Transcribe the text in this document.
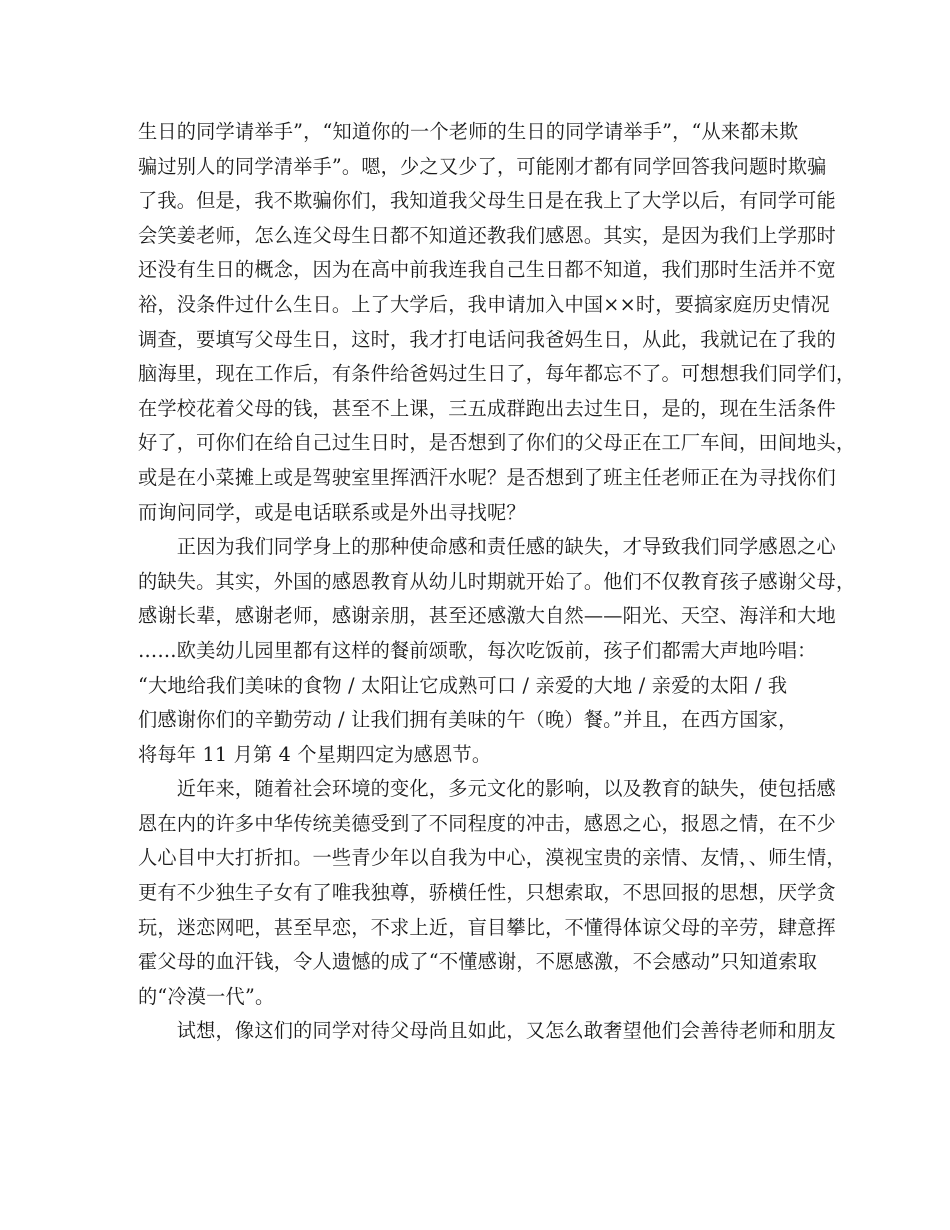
生日的同学请举手”，“知道你的一个老师的生日的同学请举手”，“从来都未欺
骗过别人的同学清举手”。嗯，少之又少了，可能刚才都有同学回答我问题时欺骗
了我。但是，我不欺骗你们，我知道我父母生日是在我上了大学以后，有同学可能
会笑姜老师，怎么连父母生日都不知道还教我们感恩。其实，是因为我们上学那时
还没有生日的概念，因为在高中前我连我自己生日都不知道，我们那时生活并不宽
裕，没条件过什么生日。上了大学后，我申请加入中国××时，要搞家庭历史情况
调查，要填写父母生日，这时，我才打电话问我爸妈生日，从此，我就记在了我的
脑海里，现在工作后，有条件给爸妈过生日了，每年都忘不了。可想想我们同学们，
在学校花着父母的钱，甚至不上课，三五成群跑出去过生日，是的，现在生活条件
好了，可你们在给自己过生日时，是否想到了你们的父母正在工厂车间，田间地头，
或是在小菜摊上或是驾驶室里挥洒汗水呢？是否想到了班主任老师正在为寻找你们
而询问同学，或是电话联系或是外出寻找呢？
　　正因为我们同学身上的那种使命感和责任感的缺失，才导致我们同学感恩之心
的缺失。其实，外国的感恩教育从幼儿时期就开始了。他们不仅教育孩子感谢父母，
感谢长辈，感谢老师，感谢亲朋，甚至还感激大自然——阳光、天空、海洋和大地
……欧美幼儿园里都有这样的餐前颂歌，每次吃饭前，孩子们都需大声地吟唱：
“大地给我们美味的食物 / 太阳让它成熟可口 / 亲爱的大地 / 亲爱的太阳 / 我
们感谢你们的辛勤劳动 / 让我们拥有美味的午（晚）餐。”并且，在西方国家，
将每年 11 月第 4 个星期四定为感恩节。
　　近年来，随着社会环境的变化，多元文化的影响，以及教育的缺失，使包括感
恩在内的许多中华传统美德受到了不同程度的冲击，感恩之心，报恩之情，在不少
人心目中大打折扣。一些青少年以自我为中心，漠视宝贵的亲情、友情，、师生情，
更有不少独生子女有了唯我独尊，骄横任性，只想索取，不思回报的思想，厌学贪
玩，迷恋网吧，甚至早恋，不求上近，盲目攀比，不懂得体谅父母的辛劳，肆意挥
霍父母的血汗钱，令人遗憾的成了“不懂感谢，不愿感激，不会感动”只知道索取
的“冷漠一代”。
　　试想，像这们的同学对待父母尚且如此，又怎么敢奢望他们会善待老师和朋友
